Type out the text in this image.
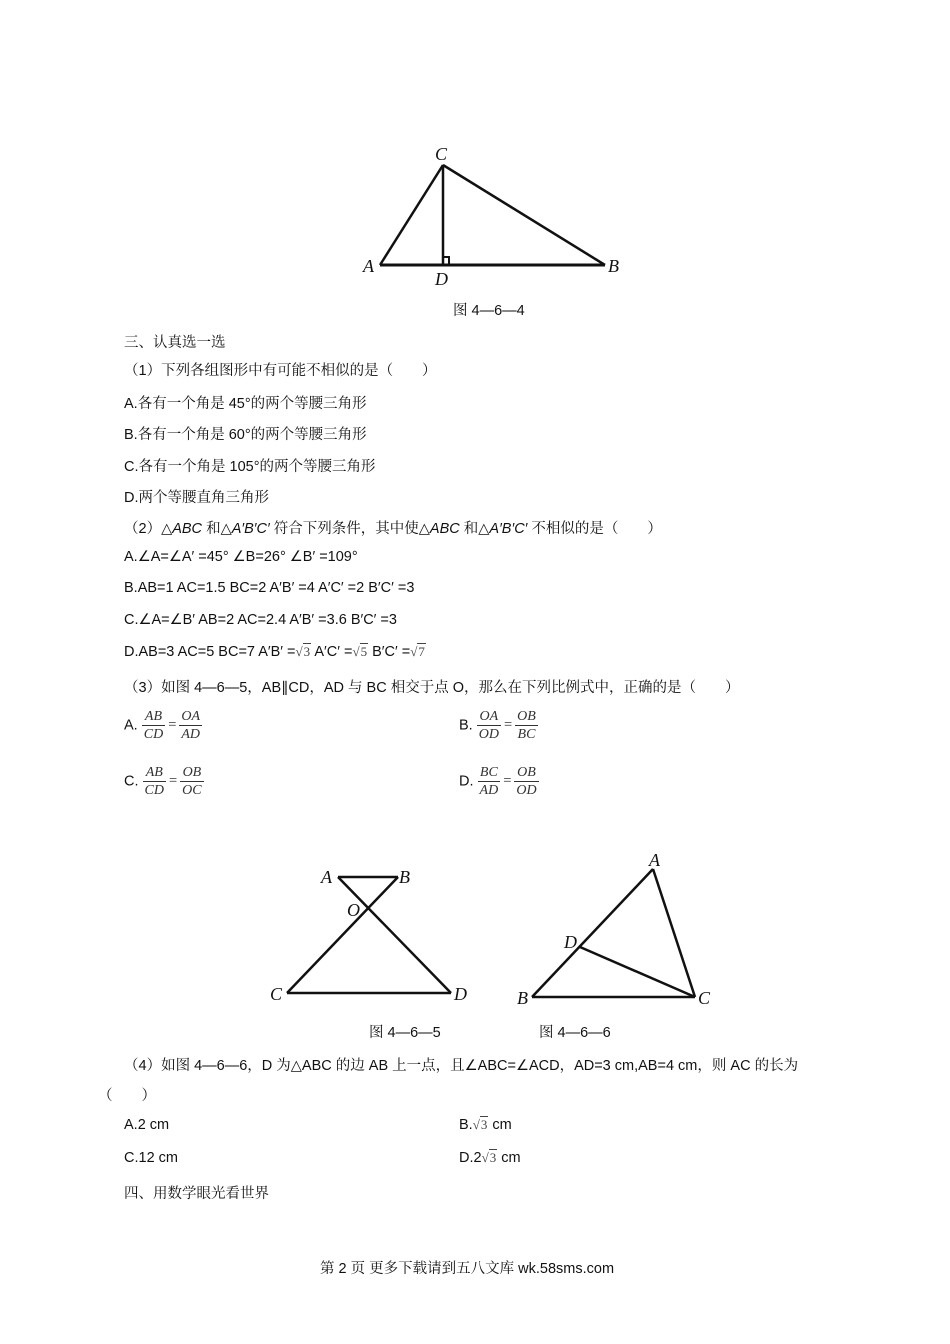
C
A
D
B
图 4—6—4
三、认真选一选
（1）下列各组图形中有可能不相似的是（　　）
A.各有一个角是 45°的两个等腰三角形
B.各有一个角是 60°的两个等腰三角形
C.各有一个角是 105°的两个等腰三角形
D.两个等腰直角三角形
（2）△ABC 和△A′B′C′ 符合下列条件，其中使△ABC 和△A′B′C′ 不相似的是（　　）
A.∠A=∠A′ =45° ∠B=26° ∠B′ =109°
B.AB=1 AC=1.5 BC=2 A′B′ =4 A′C′ =2 B′C′ =3
C.∠A=∠B′ AB=2 AC=2.4 A′B′ =3.6 B′C′ =3
D.AB=3 AC=5 BC=7 A′B′ =√3 A′C′ =√5 B′C′ =√7
（3）如图 4—6—5，AB∥CD，AD 与 BC 相交于点 O，那么在下列比例式中，正确的是（　　）
A. $\frac{AB}{CD} = \frac{OA}{AD}$	B. $\frac{OA}{OD} = \frac{OB}{BC}$
C. $\frac{AB}{CD} = \frac{OB}{OC}$	D. $\frac{BC}{AD} = \frac{OB}{OD}$
A	B
O
C	D
A
D
B	C
图 4—6—5	图 4—6—6
（4）如图 4—6—6，D 为△ABC 的边 AB 上一点，且∠ABC=∠ACD，AD=3 cm,AB=4 cm，则 AC 的长为
（　　）
A.2 cm	B.√3 cm
C.12 cm	D.2√3 cm
四、用数学眼光看世界
第 2 页 更多下载请到五八文库 wk.58sms.com
